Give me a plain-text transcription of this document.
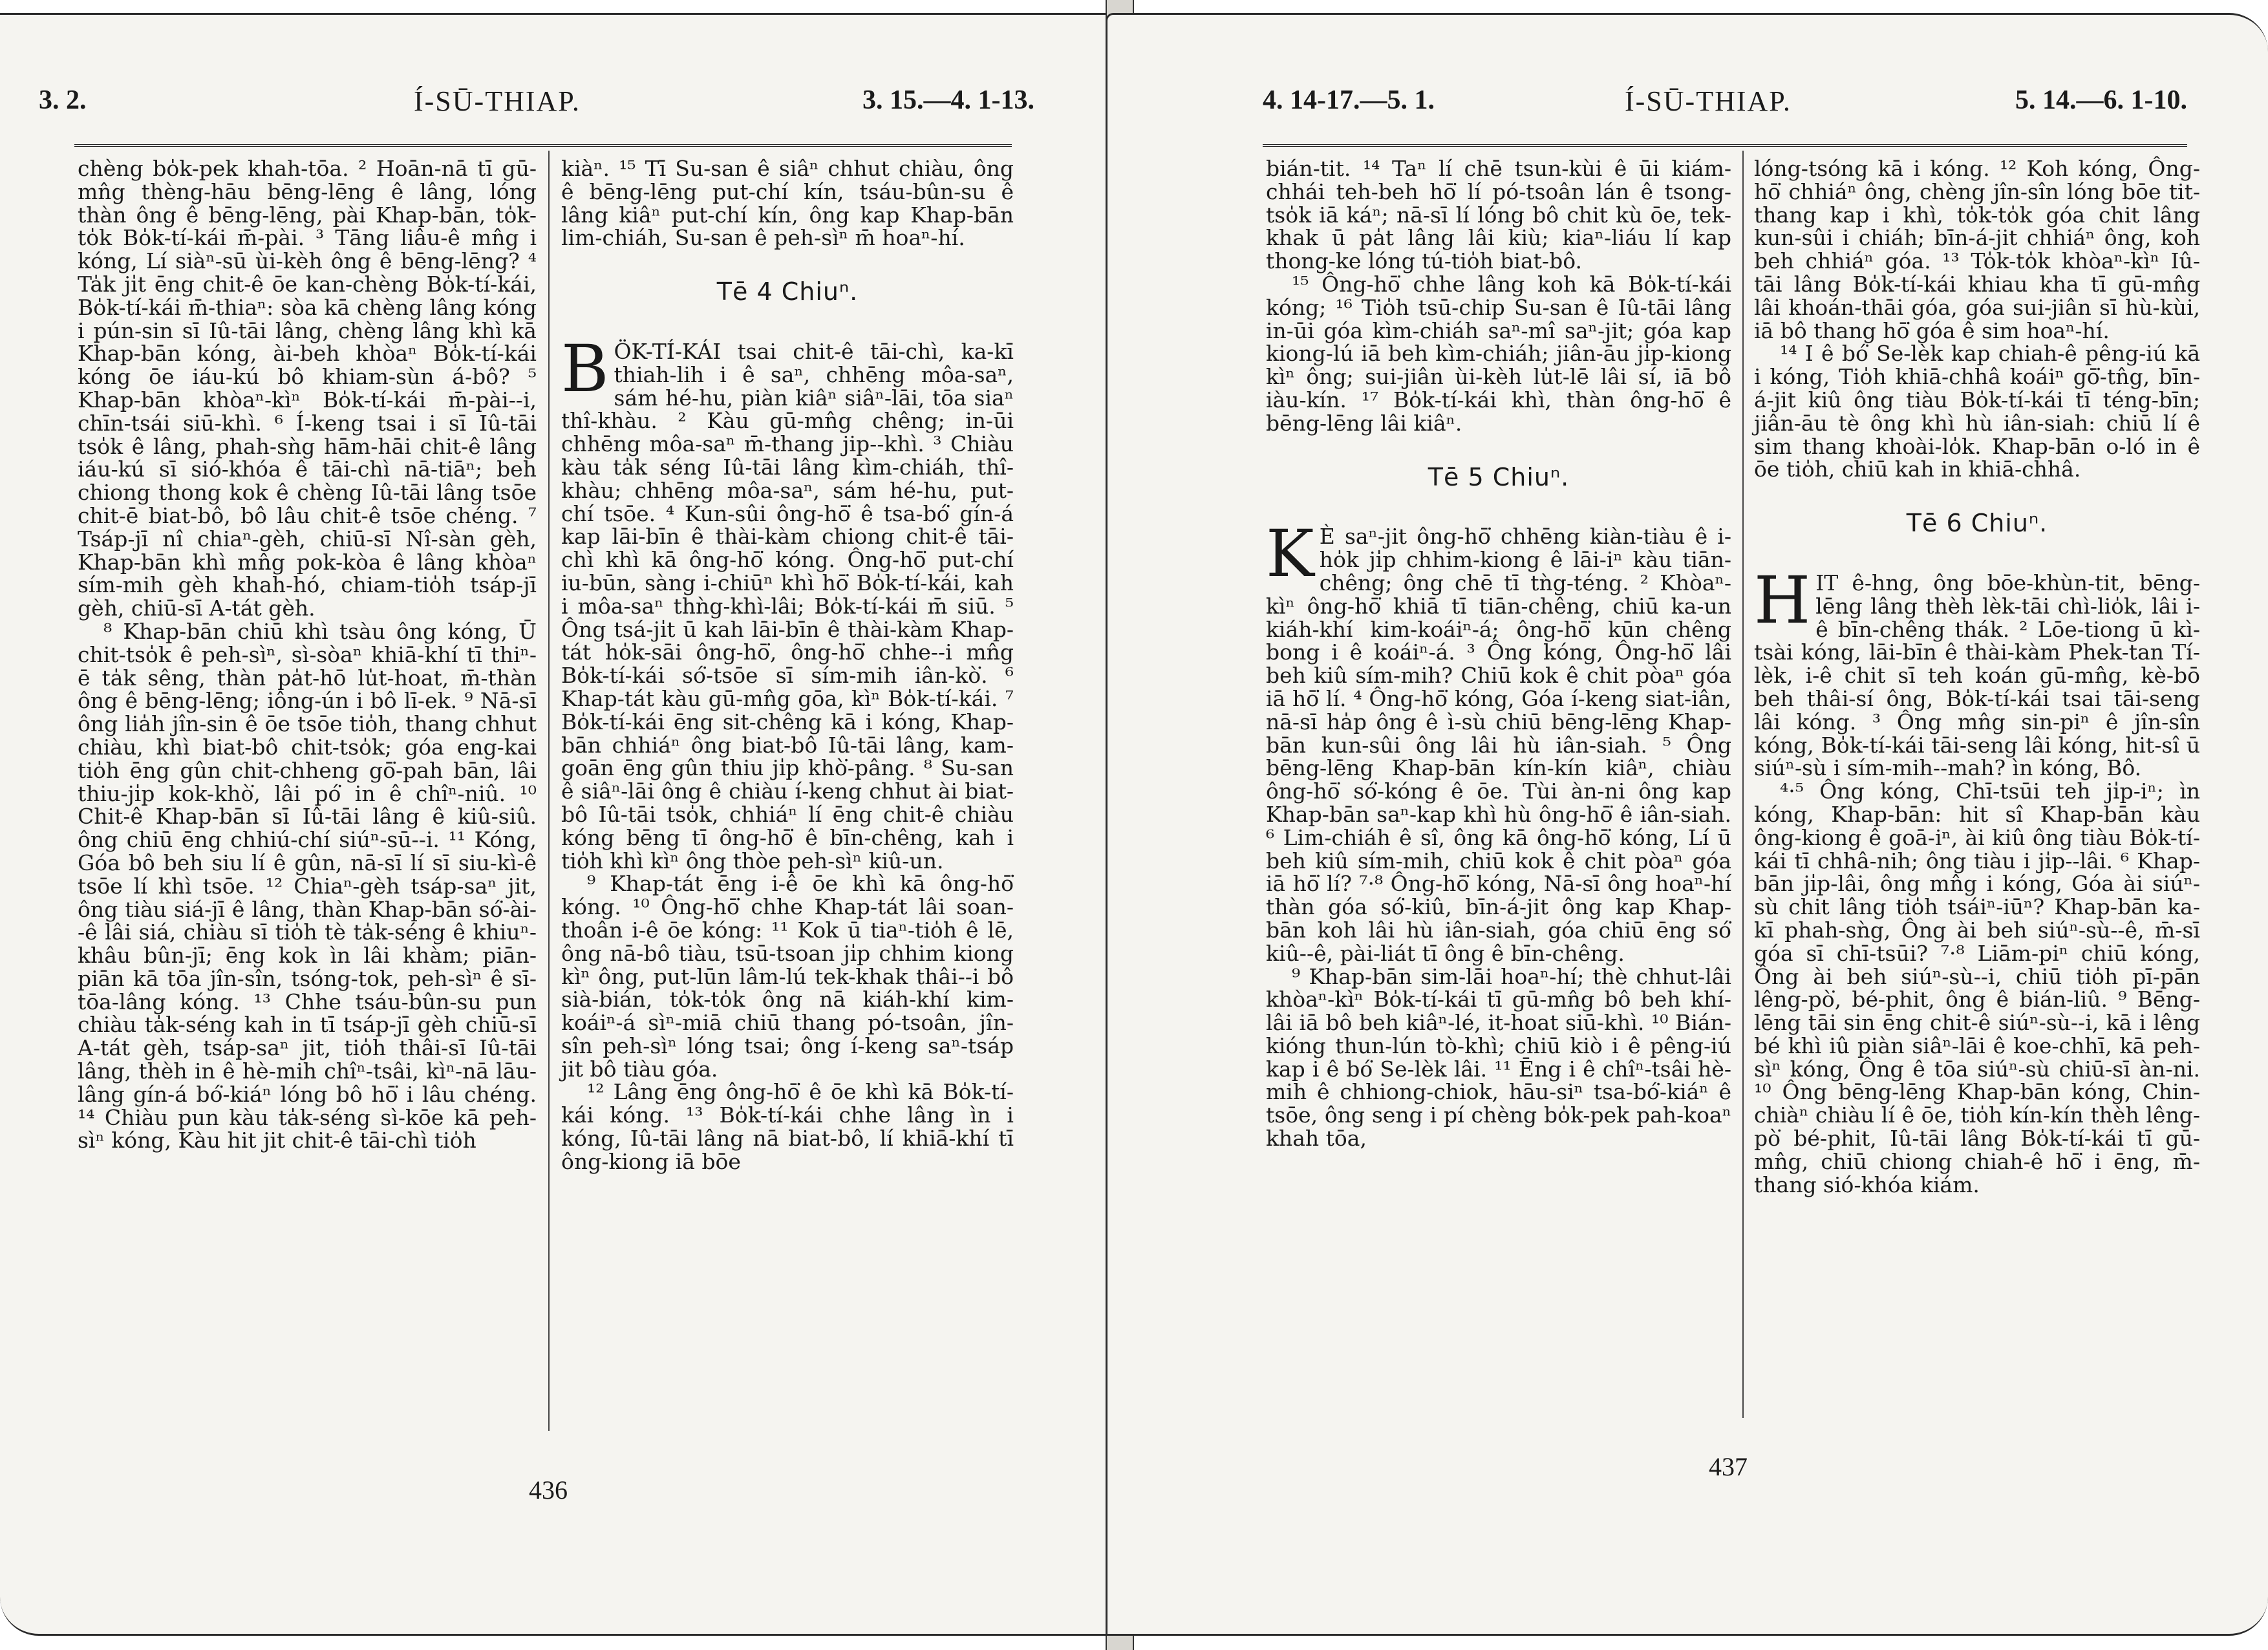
3. 2.	Í-SŪ-THIAP.	3. 15.—4. 1-13.

chèng bo̍k-pek khah-tōa. ² Hoān-nā tī gū-mn̂g thèng-hāu bēng-lēng ê lâng, lóng thàn ông ê bēng-lēng, pài Khap-bān, to̍k-to̍k Bo̍k-tí-kái m̄-pài. ³ Tāng liâu-ê mn̂g i kóng, Lí siàⁿ-sū ùi-kèh ông ê bēng-lēng? ⁴ Ta̍k ji̍t ēng chit-ê ōe kan-chèng Bo̍k-tí-kái, Bo̍k-tí-kái m̄-thiaⁿ: sòa kā chèng lâng kóng i pún-sin sī Iû-tāi lâng, chèng lâng khì kā Khap-bān kóng, ài-beh khòaⁿ Bo̍k-tí-kái kóng ōe iáu-kú bô khiam-sùn á-bô? ⁵ Khap-bān khòaⁿ-kìⁿ Bo̍k-tí-kái m̄-pài--i, chīn-tsái siū-khì. ⁶ Í-keng tsai i sī Iû-tāi tso̍k ê lâng, phah-sǹg hām-hāi chit-ê lâng iáu-kú sī sió-khóa ê tāi-chì nā-tiāⁿ; beh chiong thong kok ê chèng Iû-tāi lâng tsōe chit-ē biat-bô, bô lâu chit-ê tsōe chéng. ⁷ Tsáp-jī nî chiaⁿ-gèh, chiū-sī Nî-sàn gèh, Khap-bān khì mn̂g pok-kòa ê lâng khòaⁿ sím-mih gèh khah-hó, chiam-tio̍h tsáp-jī gèh, chiū-sī A-tát gèh.

⁸ Khap-bān chiū khì tsàu ông kóng, Ū chit-tso̍k ê peh-sìⁿ, sì-sòaⁿ khiā-khí tī thiⁿ-ē ta̍k sêng, thàn pa̍t-hō lu̍t-hoat, m̄-thàn ông ê bēng-lēng; iông-ún i bô lī-ek. ⁹ Nā-sī ông lia̍h jîn-sin ê ōe tsōe tio̍h, thang chhut chiàu, khì biat-bô chit-tso̍k; góa eng-kai tio̍h ēng gûn chit-chheng gō͘-pah bān, lâi thiu-ji̍p kok-khò͘, lâi pó͘ in ê chîⁿ-niû. ¹⁰ Chit-ê Khap-bān sī Iû-tāi lâng ê kiû-siû. ông chiū ēng chhiú-chí siúⁿ-sū--i. ¹¹ Kóng, Góa bô beh siu lí ê gûn, nā-sī lí sī siu-kì-ê tsōe lí khì tsōe. ¹² Chiaⁿ-gèh tsáp-saⁿ jit, ông tiàu siá-jī ê lâng, thàn Khap-bān só͘-ài--ê lâi siá, chiàu sī tio̍h tè ta̍k-séng ê khiuⁿ-khâu bûn-jī; ēng kok ìn lâi khàm; piān-piān kā tōa jîn-sîn, tsóng-tok, peh-sìⁿ ê sī-tōa-lâng kóng. ¹³ Chhe tsáu-bûn-su pun chiàu ta̍k-séng kah in tī tsáp-jī gèh chiū-sī A-tát gèh, tsáp-saⁿ jit, tio̍h thâi-sī Iû-tāi lâng, thèh in ê hè-mih chîⁿ-tsâi, kìⁿ-nā lāu-lâng gín-á bó͘-kiáⁿ lóng bô hō͘ i lâu chéng. ¹⁴ Chiàu pun kàu ta̍k-séng sì-kōe kā peh-sìⁿ kóng, Kàu hit jit chit-ê tāi-chì tio̍h

kiàⁿ. ¹⁵ Tī Su-san ê siâⁿ chhut chiàu, ông ê bēng-lēng put-chí kín, tsáu-bûn-su ê lâng kiâⁿ put-chí kín, ông kap Khap-bān lim-chiáh, Su-san ê peh-sìⁿ m̄ hoaⁿ-hí.

Tē 4 Chiuⁿ.

BÖK-TÍ-KÁI tsai chit-ê tāi-chì, ka-kī thiah-lih i ê saⁿ, chhēng môa-saⁿ, sám hé-hu, piàn kiâⁿ siâⁿ-lāi, tōa siaⁿ thî-khàu. ² Kàu gū-mn̂g chêng; in-ūi chhēng môa-saⁿ m̄-thang jip--khì. ³ Chiàu kàu ta̍k séng Iû-tāi lâng kìm-chiáh, thî-khàu; chhēng môa-saⁿ, sám hé-hu, put-chí tsōe. ⁴ Kun-sûi ông-hō͘ ê tsa-bó͘ gín-á kap lāi-bīn ê thài-kàm chiong chit-ê tāi-chì khì kā ông-hō͘ kóng. Ông-hō͘ put-chí iu-būn, sàng i-chiūⁿ khì hō͘ Bo̍k-tí-kái, kah i môa-saⁿ thǹg-khì-lâi; Bo̍k-tí-kái m̄ siū. ⁵ Ông tsá-ji̍t ū kah lāi-bīn ê thài-kàm Khap-tát ho̍k-sāi ông-hō͘, ông-hō͘ chhe--i mn̂g Bo̍k-tí-kái só͘-tsōe sī sím-mih iân-kò͘. ⁶ Khap-tát kàu gū-mn̂g gōa, kìⁿ Bo̍k-tí-kái. ⁷ Bo̍k-tí-kái ēng sit-chêng kā i kóng, Khap-bān chhiáⁿ ông biat-bô Iû-tāi lâng, kam-goān ēng gûn thiu ji̍p khò͘-pâng. ⁸ Su-san ê siâⁿ-lāi ông ê chiàu í-keng chhut ài biat-bô Iû-tāi tso̍k, chhiáⁿ lí ēng chit-ê chiàu kóng bēng tī ông-hō͘ ê bīn-chêng, kah i tio̍h khì kìⁿ ông thòe peh-sìⁿ kiû-un.

⁹ Khap-tát ēng i-ê ōe khì kā ông-hō͘ kóng. ¹⁰ Ông-hō͘ chhe Khap-tát lâi soan-thoân i-ê ōe kóng: ¹¹ Kok ū tiaⁿ-tio̍h ê lē, ông nā-bô tiàu, tsū-tsoan ji̍p chhim kiong kìⁿ ông, put-lūn lâm-lú tek-khak thâi--i bô sià-bián, to̍k-to̍k ông nā kiáh-khí kim-koáiⁿ-á sìⁿ-miā chiū thang pó-tsoân, jîn-sîn peh-sìⁿ lóng tsai; ông í-keng saⁿ-tsáp jit bô tiàu góa.

¹² Lâng ēng ông-hō͘ ê ōe khì kā Bo̍k-tí-kái kóng. ¹³ Bo̍k-tí-kái chhe lâng ìn i kóng, Iû-tāi lâng nā biat-bô, lí khiā-khí tī ông-kiong iā bōe

436
4. 14-17.—5. 1.	Í-SŪ-THIAP.	5. 14.—6. 1-10.

bián-tit. ¹⁴ Taⁿ lí chē tsun-kùi ê ūi kiám-chhái teh-beh hō͘ lí pó-tsoân lán ê tsong-tso̍k iā káⁿ; nā-sī lí lóng bô chit kù ōe, tek-khak ū pa̍t lâng lâi kiù; kiaⁿ-liáu lí kap thong-ke lóng tú-tio̍h biat-bô.

¹⁵ Ông-hō͘ chhe lâng koh kā Bo̍k-tí-kái kóng; ¹⁶ Tio̍h tsū-chip Su-san ê Iû-tāi lâng in-ūi góa kìm-chiáh saⁿ-mî saⁿ-jit; góa kap kiong-lú iā beh kìm-chiáh; jiân-āu ji̍p-kiong kìⁿ ông; sui-jiân ùi-kèh lu̍t-lē lâi sí, iā bô iàu-kín. ¹⁷ Bo̍k-tí-kái khì, thàn ông-hō͘ ê bēng-lēng lâi kiâⁿ.

Tē 5 Chiuⁿ.

K È saⁿ-jit ông-hō͘ chhēng kiàn-tiàu ê i-ho̍k ji̍p chhim-kiong ê lāi-iⁿ kàu tiān-chêng; ông chē tī tǹg-téng. ² Khòaⁿ-kìⁿ ông-hō͘ khiā tī tiān-chêng, chiū ka-un kiáh-khí kim-koáiⁿ-á; ông-hō͘ kūn chêng bong i ê koáiⁿ-á. ³ Ông kóng, Ông-hō͘ lâi beh kiû sím-mih? Chiū kok ê chit pòaⁿ góa iā hō͘ lí. ⁴ Ông-hō͘ kóng, Góa í-keng siat-iân, nā-sī ha̍p ông ê ì-sù chiū bēng-lēng Khap-bān kun-sûi ông lâi hù iân-siah. ⁵ Ông bēng-lēng Khap-bān kín-kín kiâⁿ, chiàu ông-hō͘ só͘-kóng ê ōe. Tùi àn-ni ông kap Khap-bān saⁿ-kap khì hù ông-hō͘ ê iân-siah. ⁶ Lim-chiáh ê sî, ông kā ông-hō͘ kóng, Lí ū beh kiû sím-mih, chiū kok ê chit pòaⁿ góa iā hō͘ lí? ⁷·⁸ Ông-hō͘ kóng, Nā-sī ông hoaⁿ-hí thàn góa só͘-kiû, bīn-á-jit ông kap Khap-bān koh lâi hù iân-siah, góa chiū ēng só͘ kiû--ê, pài-liát tī ông ê bīn-chêng.

⁹ Khap-bān sim-lāi hoaⁿ-hí; thè chhut-lâi khòaⁿ-kìⁿ Bo̍k-tí-kái tī gū-mn̂g bô beh khí-lâi iā bô beh kiâⁿ-lé, it-hoat siū-khì. ¹⁰ Bián-kióng thun-lún tò-khì; chiū kiò i ê pêng-iú kap i ê bó͘ Se-lèk lâi. ¹¹ Ēng i ê chîⁿ-tsâi hè-mih ê chhiong-chiok, hāu-siⁿ tsa-bó͘-kiáⁿ ê tsōe, ông seng i pí chèng bo̍k-pek pah-koaⁿ khah tōa,

lóng-tsóng kā i kóng. ¹² Koh kóng, Ông-hō͘ chhiáⁿ ông, chèng jîn-sîn lóng bōe tit-thang kap i khì, to̍k-to̍k góa chit lâng kun-sûi i chiáh; bīn-á-jit chhiáⁿ ông, koh beh chhiáⁿ góa. ¹³ To̍k-to̍k khòaⁿ-kìⁿ Iû-tāi lâng Bo̍k-tí-kái khiau kha tī gū-mn̂g lâi khoán-thāi góa, góa sui-jiân sī hù-kùi, iā bô thang hō͘ góa ê sim hoaⁿ-hí.

¹⁴ I ê bó͘ Se-lèk kap chiah-ê pêng-iú kā i kóng, Tio̍h khiā-chhâ koáiⁿ gō͘-tn̂g, bīn-á-jit kiû ông tiàu Bo̍k-tí-kái tī téng-bīn; jiân-āu tè ông khì hù iân-siah: chiū lí ê sim thang khoài-lo̍k. Khap-bān o-ló in ê ōe tio̍h, chiū kah in khiā-chhâ.

Tē 6 Chiuⁿ.

HIT ê-hng, ông bōe-khùn-tit, bēng-lēng lâng thèh lèk-tāi chì-lio̍k, lâi i-ê bīn-chêng thák. ² Lōe-tiong ū kì-tsài kóng, lāi-bīn ê thài-kàm Phek-tan Tí-lèk, i-ê chit sī teh koán gū-mn̂g, kè-bō beh thâi-sí ông, Bo̍k-tí-kái tsai tāi-seng lâi kóng. ³ Ông mn̂g sin-piⁿ ê jîn-sîn kóng, Bo̍k-tí-kái tāi-seng lâi kóng, hit-sî ū siúⁿ-sù i sím-mih--mah? ìn kóng, Bô.

⁴·⁵ Ông kóng, Chī-tsūi teh ji̍p-iⁿ; ìn kóng, Khap-bān: hit sî Khap-bān kàu ông-kiong ê goā-iⁿ, ài kiû ông tiàu Bo̍k-tí-kái tī chhâ-nih; ông tiàu i ji̍p--lâi. ⁶ Khap-bān ji̍p-lâi, ông mn̂g i kóng, Góa ài siúⁿ-sù chit lâng tio̍h tsáiⁿ-iūⁿ? Khap-bān ka-kī phah-sǹg, Ông ài beh siúⁿ-sù--ê, m̄-sī góa sī chī-tsūi? ⁷·⁸ Liām-piⁿ chiū kóng, Ông ài beh siúⁿ-sù--i, chiū tio̍h pī-pān lêng-pò͘, bé-phit, ông ê bián-liû. ⁹ Bēng-lēng tāi sin ēng chit-ê siúⁿ-sù--i, kā i lêng bé khì iû piàn siâⁿ-lāi ê koe-chhī, kā peh-sìⁿ kóng, Ông ê tōa siúⁿ-sù chiū-sī àn-ni. ¹⁰ Ông bēng-lēng Khap-bān kóng, Chin-chiàⁿ chiàu lí ê ōe, tio̍h kín-kín thèh lêng-pò͘ bé-phit, Iû-tāi lâng Bo̍k-tí-kái tī gū-mn̂g, chiū chiong chiah-ê hō͘ i ēng, m̄-thang sió-khóa kiám.

437
